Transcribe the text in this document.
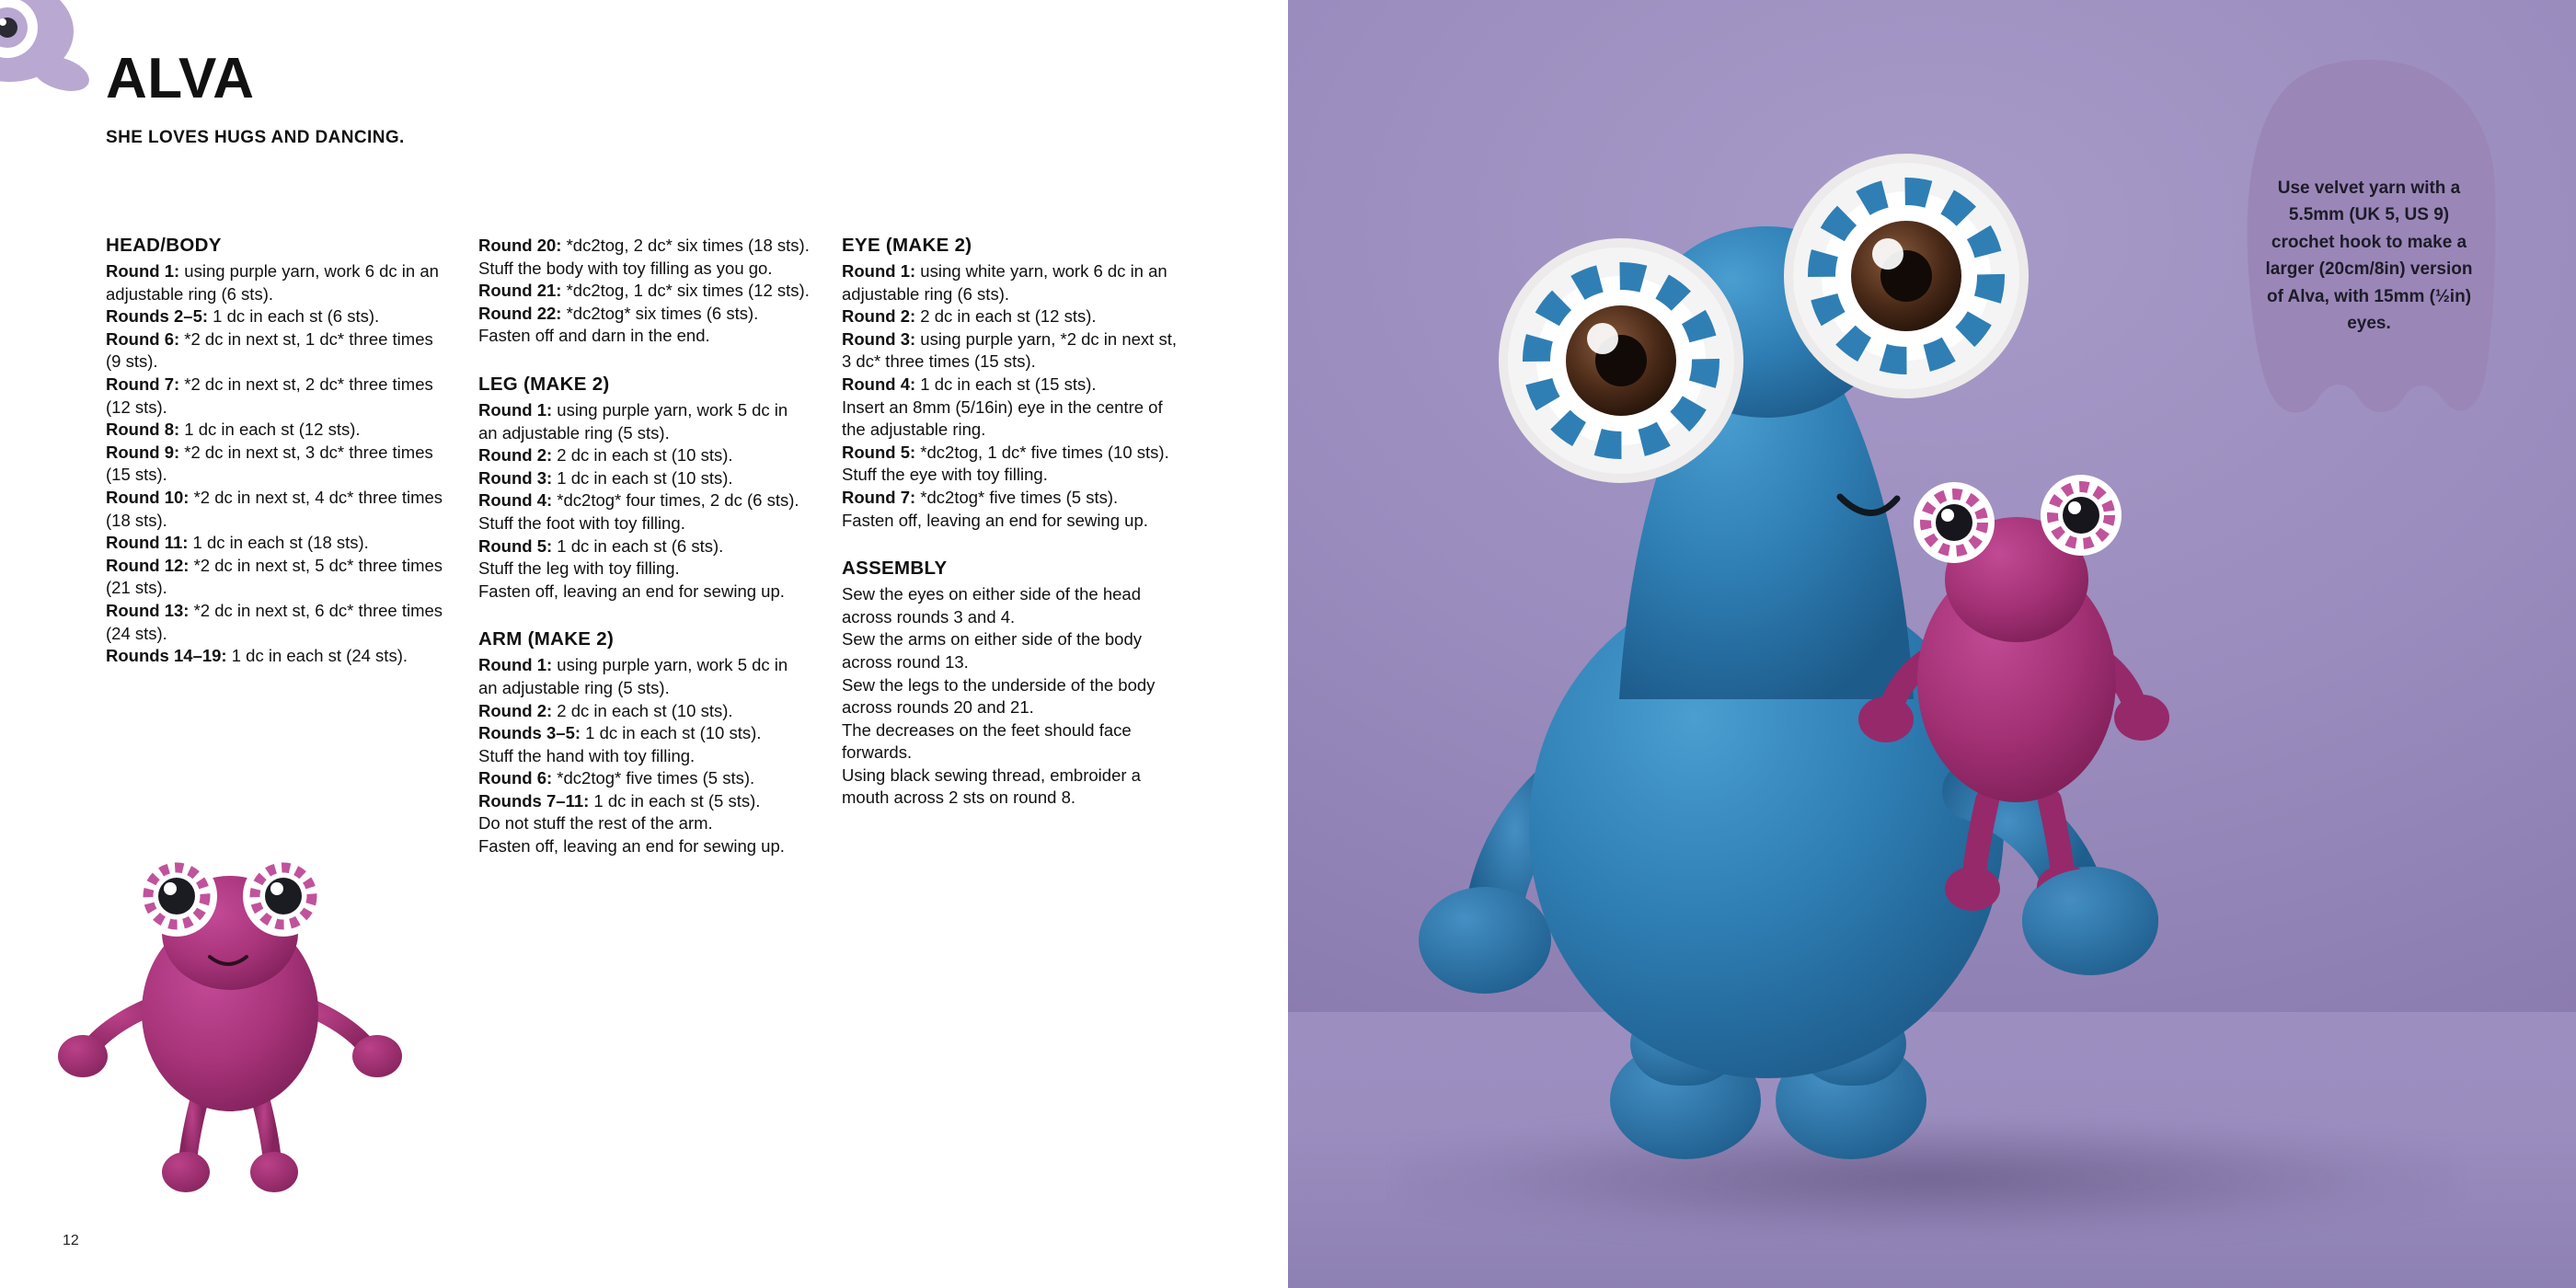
ALVA
SHE LOVES HUGS AND DANCING.
HEAD/BODY

Round 1: using purple yarn, work 6 dc in an adjustable ring (6 sts).

Rounds 2–5: 1 dc in each st (6 sts).

Round 6: *2 dc in next st, 1 dc* three times (9 sts).

Round 7: *2 dc in next st, 2 dc* three times (12 sts).

Round 8: 1 dc in each st (12 sts).

Round 9: *2 dc in next st, 3 dc* three times (15 sts).

Round 10: *2 dc in next st, 4 dc* three times (18 sts).

Round 11: 1 dc in each st (18 sts).

Round 12: *2 dc in next st, 5 dc* three times (21 sts).

Round 13: *2 dc in next st, 6 dc* three times (24 sts).

Rounds 14–19: 1 dc in each st (24 sts).

Round 20: *dc2tog, 2 dc* six times (18 sts).

Stuff the body with toy filling as you go.

Round 21: *dc2tog, 1 dc* six times (12 sts).

Round 22: *dc2tog* six times (6 sts).

Fasten off and darn in the end.

LEG (MAKE 2)

Round 1: using purple yarn, work 5 dc in an adjustable ring (5 sts).

Round 2: 2 dc in each st (10 sts).

Round 3: 1 dc in each st (10 sts).

Round 4: *dc2tog* four times, 2 dc (6 sts).

Stuff the foot with toy filling.

Round 5: 1 dc in each st (6 sts).

Stuff the leg with toy filling.

Fasten off, leaving an end for sewing up.

ARM (MAKE 2)

Round 1: using purple yarn, work 5 dc in an adjustable ring (5 sts).

Round 2: 2 dc in each st (10 sts).

Rounds 3–5: 1 dc in each st (10 sts).

Stuff the hand with toy filling.

Round 6: *dc2tog* five times (5 sts).

Rounds 7–11: 1 dc in each st (5 sts).

Do not stuff the rest of the arm.

Fasten off, leaving an end for sewing up.

EYE (MAKE 2)

Round 1: using white yarn, work 6 dc in an adjustable ring (6 sts).

Round 2: 2 dc in each st (12 sts).

Round 3: using purple yarn, *2 dc in next st, 3 dc* three times (15 sts).

Round 4: 1 dc in each st (15 sts).

Insert an 8mm (5/16in) eye in the centre of the adjustable ring.

Round 5: *dc2tog, 1 dc* five times (10 sts).

Stuff the eye with toy filling.

Round 7: *dc2tog* five times (5 sts).

Fasten off, leaving an end for sewing up.

ASSEMBLY

Sew the eyes on either side of the head across rounds 3 and 4.

Sew the arms on either side of the body across round 13.

Sew the legs to the underside of the body across rounds 20 and 21.

The decreases on the feet should face forwards.

Using black sewing thread, embroider a mouth across 2 sts on round 8.

12
Use velvet yarn with a 5.5mm (UK 5, US 9) crochet hook to make a larger (20cm/8in) version of Alva, with 15mm (½in) eyes.
